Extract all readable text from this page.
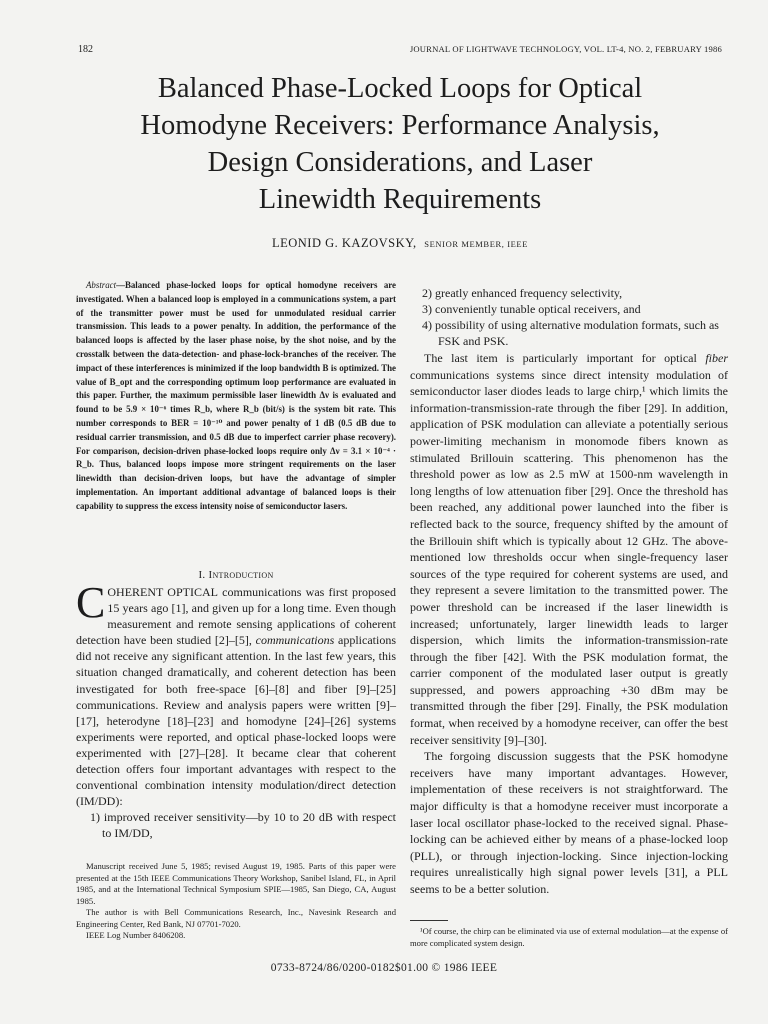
182	JOURNAL OF LIGHTWAVE TECHNOLOGY, VOL. LT-4, NO. 2, FEBRUARY 1986
Balanced Phase-Locked Loops for Optical
Homodyne Receivers: Performance Analysis,
Design Considerations, and Laser
Linewidth Requirements
LEONID G. KAZOVSKY, SENIOR MEMBER, IEEE
Abstract—Balanced phase-locked loops for optical homodyne receivers are investigated. When a balanced loop is employed in a communications system, a part of the transmitter power must be used for unmodulated residual carrier transmission. This leads to a power penalty. In addition, the performance of the balanced loops is affected by the laser phase noise, by the shot noise, and by the crosstalk between the data-detection- and phase-lock-branches of the receiver. The impact of these interferences is minimized if the loop bandwidth B is optimized. The value of B_opt and the corresponding optimum loop performance are evaluated in this paper. Further, the maximum permissible laser linewidth Δν is evaluated and found to be 5.9 × 10⁻⁶ times R_b, where R_b (bit/s) is the system bit rate. This number corresponds to BER = 10⁻¹⁰ and power penalty of 1 dB (0.5 dB due to residual carrier transmission, and 0.5 dB due to imperfect carrier phase recovery). For comparison, decision-driven phase-locked loops require only Δν = 3.1 × 10⁻⁴ · R_b. Thus, balanced loops impose more stringent requirements on the laser linewidth than decision-driven loops, but have the advantage of simpler implementation. An important additional advantage of balanced loops is their capability to suppress the excess intensity noise of semiconductor lasers.
I. Introduction
COHERENT OPTICAL communications was first proposed 15 years ago [1], and given up for a long time. Even though measurement and remote sensing applications of coherent detection have been studied [2]–[5], communications applications did not receive any significant attention. In the last few years, this situation changed dramatically, and coherent detection has been investigated for both free-space [6]–[8] and fiber [9]–[25] communications. Review and analysis papers were written [9]–[17], heterodyne [18]–[23] and homodyne [24]–[26] systems experiments were reported, and optical phase-locked loops were experimented with [27]–[28]. It became clear that coherent detection offers four important advantages with respect to the conventional combination intensity modulation/direct detection (IM/DD):
1) improved receiver sensitivity—by 10 to 20 dB with respect to IM/DD,

Manuscript received June 5, 1985; revised August 19, 1985. Parts of this paper were presented at the 15th IEEE Communications Theory Workshop, Sanibel Island, FL, in April 1985, and at the International Technical Symposium SPIE—1985, San Diego, CA, August 1985.

The author is with Bell Communications Research, Inc., Navesink Research and Engineering Center, Red Bank, NJ 07701-7020.

IEEE Log Number 8406208.

2) greatly enhanced frequency selectivity,
3) conveniently tunable optical receivers, and
4) possibility of using alternative modulation formats, such as FSK and PSK.

The last item is particularly important for optical fiber communications systems since direct intensity modulation of semiconductor laser diodes leads to large chirp,¹ which limits the information-transmission-rate through the fiber [29]. In addition, application of PSK modulation can alleviate a potentially serious power-limiting mechanism in monomode fibers known as stimulated Brillouin scattering. This phenomenon has the threshold power as low as 2.5 mW at 1500-nm wavelength in long lengths of low attenuation fiber [29]. Once the threshold has been reached, any additional power launched into the fiber is reflected back to the source, frequency shifted by the amount of the Brillouin shift which is typically about 12 GHz. The above-mentioned low thresholds occur when single-frequency laser sources of the type required for coherent systems are used, and they represent a severe limitation to the transmitted power. The power threshold can be increased if the laser linewidth is increased; unfortunately, larger linewidth leads to larger dispersion, which limits the information-transmission-rate through the fiber [42]. With the PSK modulation format, the carrier component of the modulated laser output is greatly suppressed, and powers approaching +30 dBm may be transmitted through the fiber [29]. Finally, the PSK modulation format, when received by a homodyne receiver, can offer the best receiver sensitivity [9]–[30].

The forgoing discussion suggests that the PSK homodyne receivers have many important advantages. However, implementation of these receivers is not straightforward. The major difficulty is that a homodyne receiver must incorporate a laser local oscillator phase-locked to the received signal. Phase-locking can be achieved either by means of a phase-locked loop (PLL), or through injection-locking. Since injection-locking requires unrealistically high signal power levels [31], a PLL seems to be a better solution.

¹Of course, the chirp can be eliminated via use of external modulation—at the expense of more complicated system design.
0733-8724/86/0200-0182$01.00 © 1986 IEEE
